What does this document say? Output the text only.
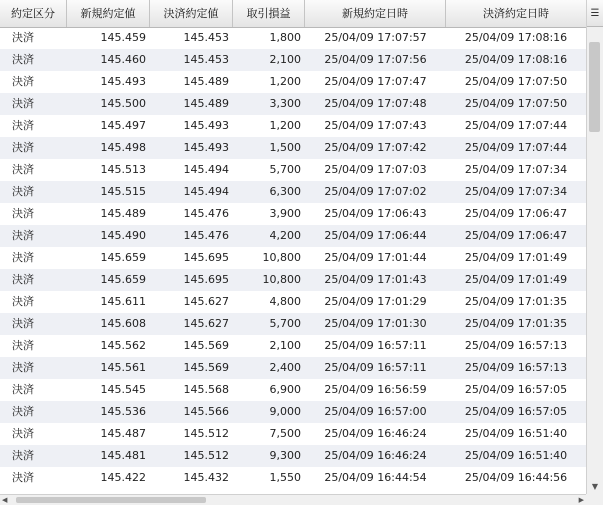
約定区分	新規約定値	決済約定値	取引損益	新規約定日時	決済約定日時
決済	145.459	145.453	1,800	25/04/09 17:07:57	25/04/09 17:08:16
決済	145.460	145.453	2,100	25/04/09 17:07:56	25/04/09 17:08:16
決済	145.493	145.489	1,200	25/04/09 17:07:47	25/04/09 17:07:50
決済	145.500	145.489	3,300	25/04/09 17:07:48	25/04/09 17:07:50
決済	145.497	145.493	1,200	25/04/09 17:07:43	25/04/09 17:07:44
決済	145.498	145.493	1,500	25/04/09 17:07:42	25/04/09 17:07:44
決済	145.513	145.494	5,700	25/04/09 17:07:03	25/04/09 17:07:34
決済	145.515	145.494	6,300	25/04/09 17:07:02	25/04/09 17:07:34
決済	145.489	145.476	3,900	25/04/09 17:06:43	25/04/09 17:06:47
決済	145.490	145.476	4,200	25/04/09 17:06:44	25/04/09 17:06:47
決済	145.659	145.695	10,800	25/04/09 17:01:44	25/04/09 17:01:49
決済	145.659	145.695	10,800	25/04/09 17:01:43	25/04/09 17:01:49
決済	145.611	145.627	4,800	25/04/09 17:01:29	25/04/09 17:01:35
決済	145.608	145.627	5,700	25/04/09 17:01:30	25/04/09 17:01:35
決済	145.562	145.569	2,100	25/04/09 16:57:11	25/04/09 16:57:13
決済	145.561	145.569	2,400	25/04/09 16:57:11	25/04/09 16:57:13
決済	145.545	145.568	6,900	25/04/09 16:56:59	25/04/09 16:57:05
決済	145.536	145.566	9,000	25/04/09 16:57:00	25/04/09 16:57:05
決済	145.487	145.512	7,500	25/04/09 16:46:24	25/04/09 16:51:40
決済	145.481	145.512	9,300	25/04/09 16:46:24	25/04/09 16:51:40
決済	145.422	145.432	1,550	25/04/09 16:44:54	25/04/09 16:44:56
☰
▼
◀	▶
